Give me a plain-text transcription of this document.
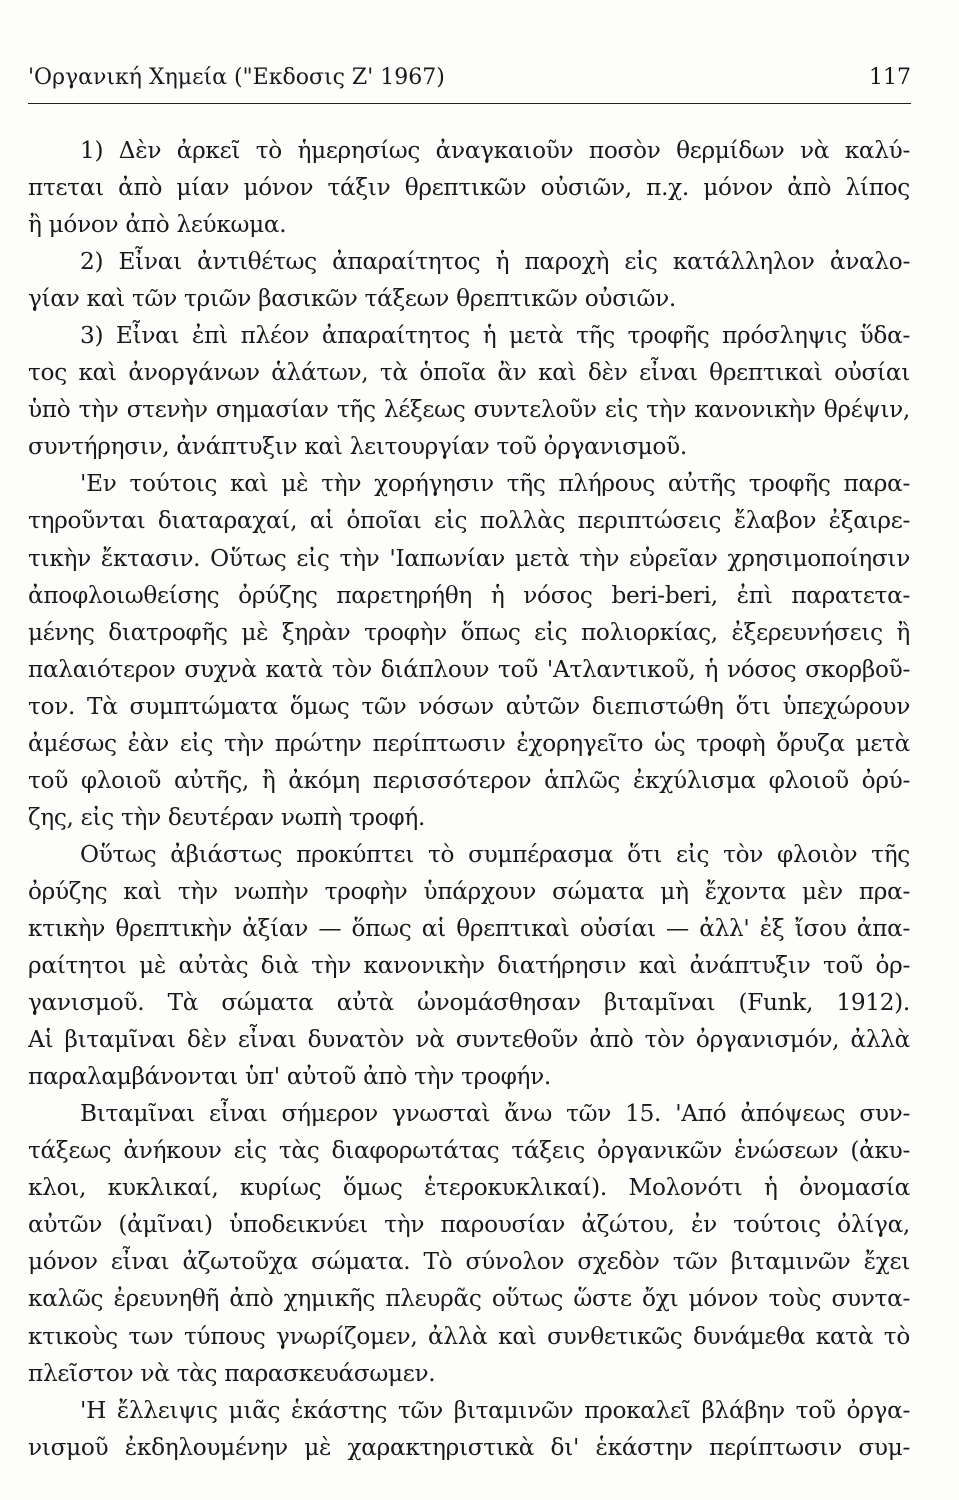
'Οργανική Χημεία ("Εκδοσις Ζ' 1967)	117
1) Δὲν ἀρκεῖ τὸ ἡμερησίως ἀναγκαιοῦν ποσὸν θερμίδων νὰ καλύ-
πτεται ἀπὸ μίαν μόνον τάξιν θρεπτικῶν οὐσιῶν, π.χ. μόνον ἀπὸ λίπος
ἢ μόνον ἀπὸ λεύκωμα.
2) Εἶναι ἀντιθέτως ἀπαραίτητος ἡ παροχὴ εἰς κατάλληλον ἀναλο-
γίαν καὶ τῶν τριῶν βασικῶν τάξεων θρεπτικῶν οὐσιῶν.
3) Εἶναι ἐπὶ πλέον ἀπαραίτητος ἡ μετὰ τῆς τροφῆς πρόσληψις ὕδα-
τος καὶ ἀνοργάνων ἁλάτων, τὰ ὁποῖα ἂν καὶ δὲν εἶναι θρεπτικαὶ οὐσίαι
ὑπὸ τὴν στενὴν σημασίαν τῆς λέξεως συντελοῦν εἰς τὴν κανονικὴν θρέψιν,
συντήρησιν, ἀνάπτυξιν καὶ λειτουργίαν τοῦ ὀργανισμοῦ.
'Εν τούτοις καὶ μὲ τὴν χορήγησιν τῆς πλήρους αὐτῆς τροφῆς παρα-
τηροῦνται διαταραχαί, αἱ ὁποῖαι εἰς πολλὰς περιπτώσεις ἔλαβον ἐξαιρε-
τικὴν ἔκτασιν. Οὕτως εἰς τὴν 'Ιαπωνίαν μετὰ τὴν εὐρεῖαν χρησιμοποίησιν
ἀποφλοιωθείσης ὀρύζης παρετηρήθη ἡ νόσος beri-beri, ἐπὶ παρατετα-
μένης διατροφῆς μὲ ξηρὰν τροφὴν ὅπως εἰς πολιορκίας, ἐξερευνήσεις ἢ
παλαιότερον συχνὰ κατὰ τὸν διάπλουν τοῦ 'Ατλαντικοῦ, ἡ νόσος σκορβοῦ-
τον. Τὰ συμπτώματα ὅμως τῶν νόσων αὐτῶν διεπιστώθη ὅτι ὑπεχώρουν
ἀμέσως ἐὰν εἰς τὴν πρώτην περίπτωσιν ἐχορηγεῖτο ὡς τροφὴ ὄρυζα μετὰ
τοῦ φλοιοῦ αὐτῆς, ἢ ἀκόμη περισσότερον ἁπλῶς ἐκχύλισμα φλοιοῦ ὀρύ-
ζης, εἰς τὴν δευτέραν νωπὴ τροφή.
Οὕτως ἀβιάστως προκύπτει τὸ συμπέρασμα ὅτι εἰς τὸν φλοιὸν τῆς
ὀρύζης καὶ τὴν νωπὴν τροφὴν ὑπάρχουν σώματα μὴ ἔχοντα μὲν πρα-
κτικὴν θρεπτικὴν ἀξίαν — ὅπως αἱ θρεπτικαὶ οὐσίαι — ἀλλ' ἐξ ἴσου ἀπα-
ραίτητοι μὲ αὐτὰς διὰ τὴν κανονικὴν διατήρησιν καὶ ἀνάπτυξιν τοῦ ὀρ-
γανισμοῦ. Τὰ σώματα αὐτὰ ὠνομάσθησαν βιταμῖναι (Funk, 1912).
Αἱ βιταμῖναι δὲν εἶναι δυνατὸν νὰ συντεθοῦν ἀπὸ τὸν ὀργανισμόν, ἀλλὰ
παραλαμβάνονται ὑπ' αὐτοῦ ἀπὸ τὴν τροφήν.
Βιταμῖναι εἶναι σήμερον γνωσταὶ ἄνω τῶν 15. 'Από ἀπόψεως συν-
τάξεως ἀνήκουν εἰς τὰς διαφορωτάτας τάξεις ὀργανικῶν ἑνώσεων (ἀκυ-
κλοι, κυκλικαί, κυρίως ὅμως ἑτεροκυκλικαί). Μολονότι ἡ ὀνομασία
αὐτῶν (ἀμῖναι) ὑποδεικνύει τὴν παρουσίαν ἀζώτου, ἐν τούτοις ὀλίγα,
μόνον εἶναι ἀζωτοῦχα σώματα. Τὸ σύνολον σχεδὸν τῶν βιταμινῶν ἔχει
καλῶς ἐρευνηθῆ ἀπὸ χημικῆς πλευρᾶς οὕτως ὥστε ὄχι μόνον τοὺς συντα-
κτικοὺς των τύπους γνωρίζομεν, ἀλλὰ καὶ συνθετικῶς δυνάμεθα κατὰ τὸ
πλεῖστον νὰ τὰς παρασκευάσωμεν.
'Η ἔλλειψις μιᾶς ἑκάστης τῶν βιταμινῶν προκαλεῖ βλάβην τοῦ ὀργα-
νισμοῦ ἐκδηλουμένην μὲ χαρακτηριστικὰ δι' ἑκάστην περίπτωσιν συμ-
